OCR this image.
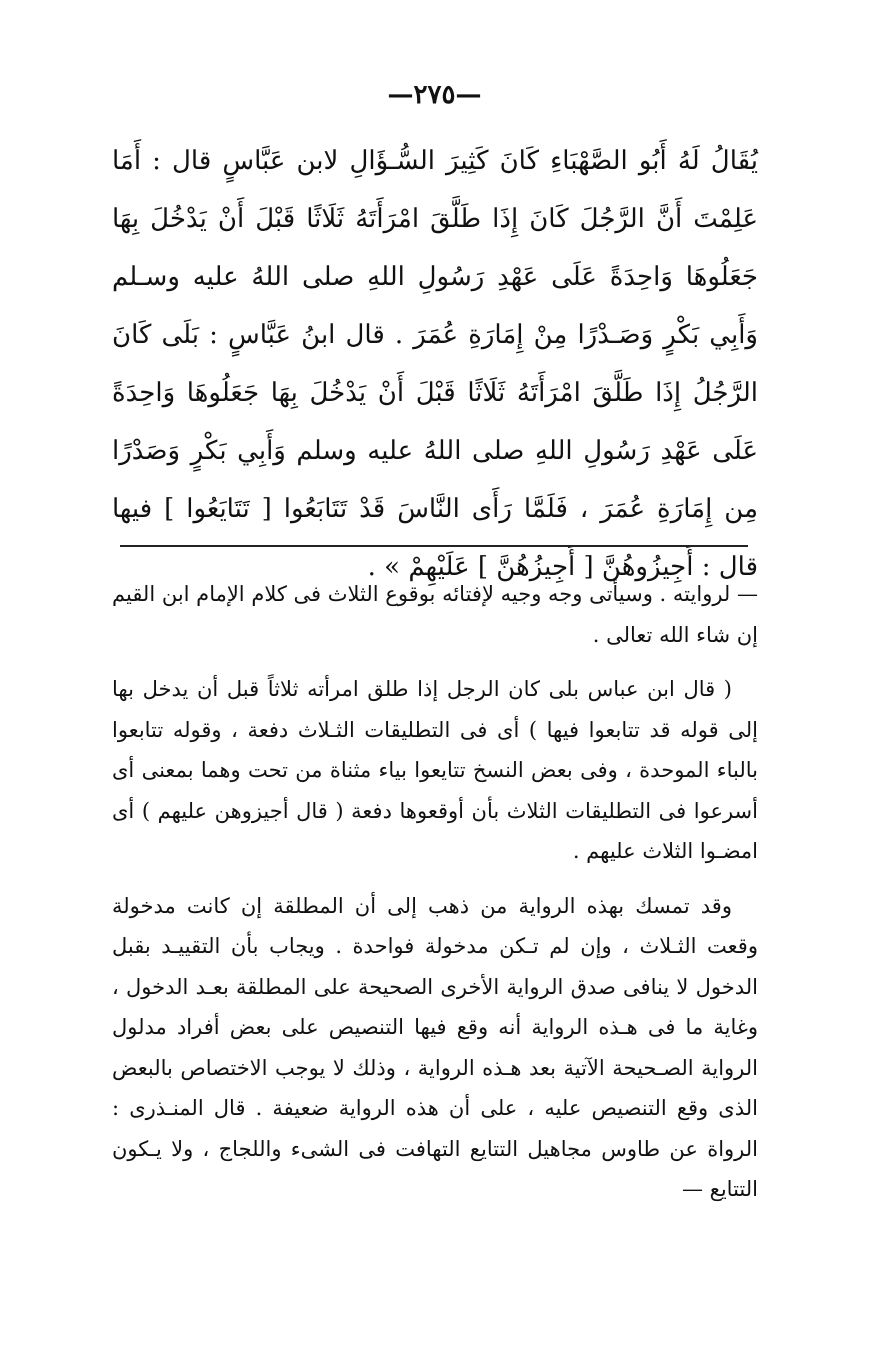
—٢٧٥—

يُقَالُ لَهُ أَبُو الصَّهْبَاءِ كَانَ كَثِيرَ السُّـؤَالِ لابن عَبَّاسٍ قال : أَمَا عَلِمْتَ أَنَّ الرَّجُلَ كَانَ إِذَا طَلَّقَ امْرَأَتَهُ ثَلَاثًا قَبْلَ أَنْ يَدْخُلَ بِهَا جَعَلُوهَا وَاحِدَةً عَلَى عَهْدِ رَسُولِ اللهِ صلى اللهُ عليه وسـلم وَأَبِي بَكْرٍ وَصَـدْرًا مِنْ إِمَارَةِ عُمَرَ . قال ابنُ عَبَّاسٍ : بَلَى كَانَ الرَّجُلُ إِذَا طَلَّقَ امْرَأَتَهُ ثَلَاثًا قَبْلَ أَنْ يَدْخُلَ بِهَا جَعَلُوهَا وَاحِدَةً عَلَى عَهْدِ رَسُولِ اللهِ صلى اللهُ عليه وسلم وَأَبِي بَكْرٍ وَصَدْرًا مِن إِمَارَةِ عُمَرَ ، فَلَمَّا رَأَى النَّاسَ قَدْ تَتَابَعُوا [ تَتَايَعُوا ] فيها قال : أَجِيزُوهُنَّ [ أَجِيزُهُنَّ ] عَلَيْهِمْ » .

— لروايته . وسيأتى وجه وجيه لإفتائه بوقوع الثلاث فى كلام الإمام ابن القيم إن شاء الله تعالى .

( قال ابن عباس بلى كان الرجل إذا طلق امرأته ثلاثاً قبل أن يدخل بها إلى قوله قد تتابعوا فيها ) أى فى التطليقات الثـلاث دفعة ، وقوله تتابعوا بالباء الموحدة ، وفى بعض النسخ تتايعوا بياء مثناة من تحت وهما بمعنى أى أسرعوا فى التطليقات الثلاث بأن أوقعوها دفعة ( قال أجيزوهن عليهم ) أى امضـوا الثلاث عليهم .

وقد تمسك بهذه الرواية من ذهب إلى أن المطلقة إن كانت مدخولة وقعت الثـلاث ، وإن لم تـكن مدخولة فواحدة . ويجاب بأن التقييـد بقبل الدخول لا ينافى صدق الرواية الأخرى الصحيحة على المطلقة بعـد الدخول ، وغاية ما فى هـذه الرواية أنه وقع فيها التنصيص على بعض أفراد مدلول الرواية الصـحيحة الآتية بعد هـذه الرواية ، وذلك لا يوجب الاختصاص بالبعض الذى وقع التنصيص عليه ، على أن هذه الرواية ضعيفة . قال المنـذرى : الرواة عن طاوس مجاهيل التتايع التهافت فى الشىء واللجاج ، ولا يـكون التتايع —
